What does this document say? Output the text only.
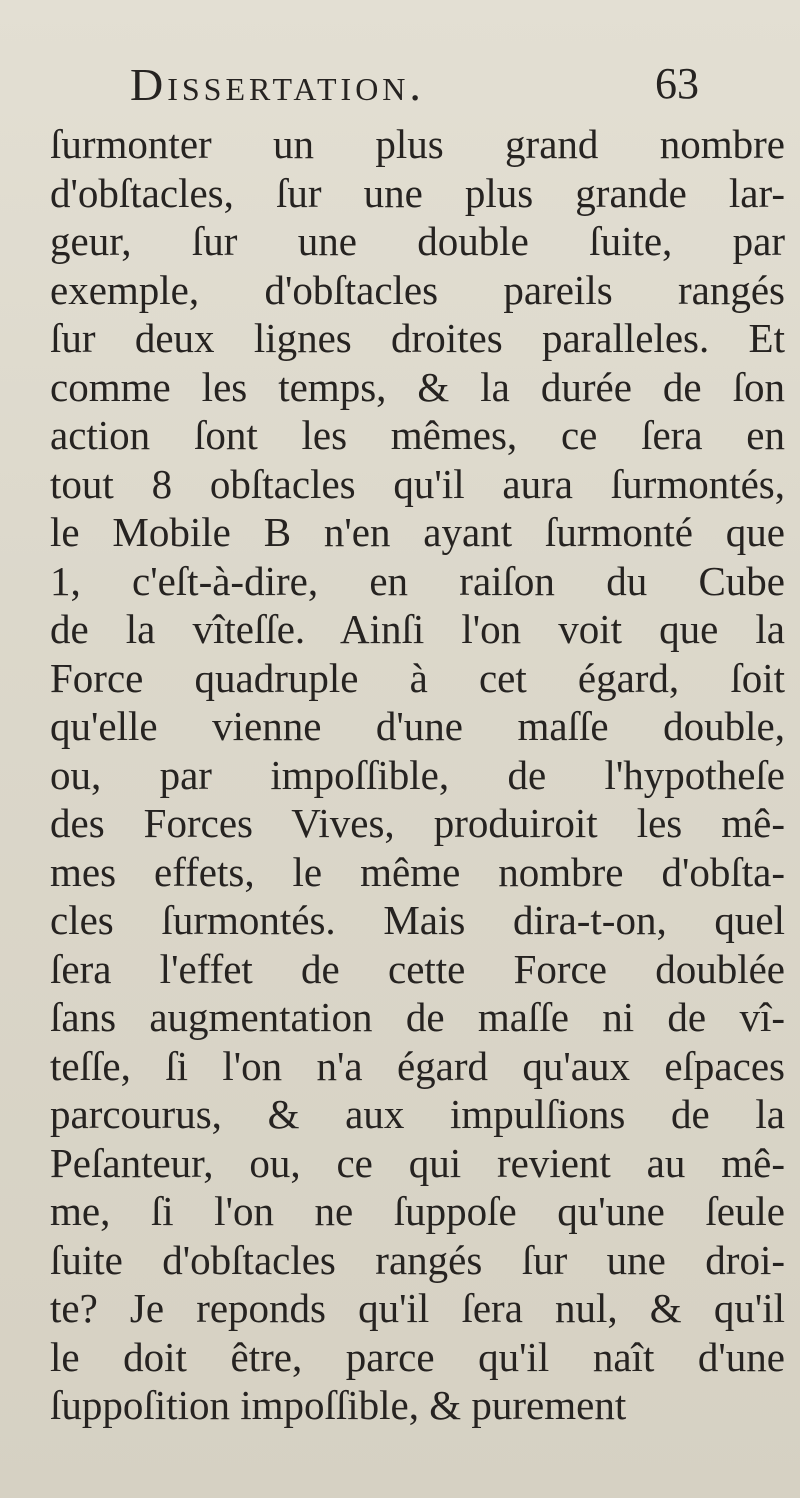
Dissertation.	63
ſurmonter un plus grand nombre
d'obſtacles, ſur une plus grande lar-
geur, ſur une double ſuite, par
exemple, d'obſtacles pareils rangés
ſur deux lignes droites paralleles. Et
comme les temps, & la durée de ſon
action ſont les mêmes, ce ſera en
tout 8 obſtacles qu'il aura ſurmontés,
le Mobile B n'en ayant ſurmonté que
1, c'eſt-à-dire, en raiſon du Cube
de la vîteſſe. Ainſi l'on voit que la
Force quadruple à cet égard, ſoit
qu'elle vienne d'une maſſe double,
ou, par impoſſible, de l'hypotheſe
des Forces Vives, produiroit les mê-
mes effets, le même nombre d'obſta-
cles ſurmontés. Mais dira-t-on, quel
ſera l'effet de cette Force doublée
ſans augmentation de maſſe ni de vî-
teſſe, ſi l'on n'a égard qu'aux eſpaces
parcourus, & aux impulſions de la
Peſanteur, ou, ce qui revient au mê-
me, ſi l'on ne ſuppoſe qu'une ſeule
ſuite d'obſtacles rangés ſur une droi-
te? Je reponds qu'il ſera nul, & qu'il
le doit être, parce qu'il naît d'une
ſuppoſition impoſſible, & purement
